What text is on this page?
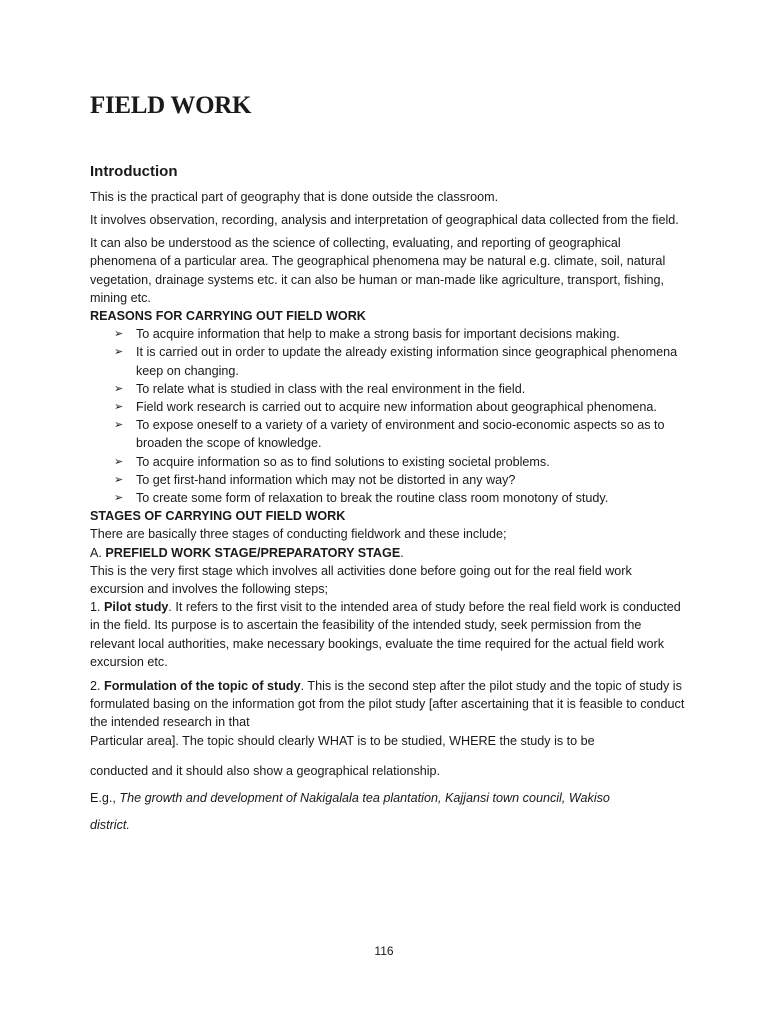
FIELD WORK
Introduction

This is the practical part of geography that is done outside the classroom.

It involves observation, recording, analysis and interpretation of geographical data collected from the field.

It can also be understood as the science of collecting, evaluating, and reporting of geographical phenomena of a particular area. The geographical phenomena may be natural e.g. climate, soil, natural vegetation, drainage systems etc. it can also be human or man-made like agriculture, transport, fishing, mining etc.

REASONS FOR CARRYING OUT FIELD WORK
➢ To acquire information that help to make a strong basis for important decisions making.
➢ It is carried out in order to update the already existing information since geographical phenomena keep on changing.
➢ To relate what is studied in class with the real environment in the field.
➢ Field work research is carried out to acquire new information about geographical phenomena.
➢ To expose oneself to a variety of a variety of environment and socio-economic aspects so as to broaden the scope of knowledge.
➢ To acquire information so as to find solutions to existing societal problems.
➢ To get first-hand information which may not be distorted in any way?
➢ To create some form of relaxation to break the routine class room monotony of study.
STAGES OF CARRYING OUT FIELD WORK

There are basically three stages of conducting fieldwork and these include;

A. PREFIELD WORK STAGE/PREPARATORY STAGE.

This is the very first stage which involves all activities done before going out for the real field work excursion and involves the following steps;

1. Pilot study. It refers to the first visit to the intended area of study before the real field work is conducted in the field. Its purpose is to ascertain the feasibility of the intended study, seek permission from the relevant local authorities, make necessary bookings, evaluate the time required for the actual field work excursion etc.

2. Formulation of the topic of study. This is the second step after the pilot study and the topic of study is formulated basing on the information got from the pilot study [after ascertaining that it is feasible to conduct the intended research in that

Particular area]. The topic should clearly WHAT is to be studied, WHERE the study is to be

conducted and it should also show a geographical relationship.

E.g., The growth and development of Nakigalala tea plantation, Kajjansi town council, Wakiso

district.

116
